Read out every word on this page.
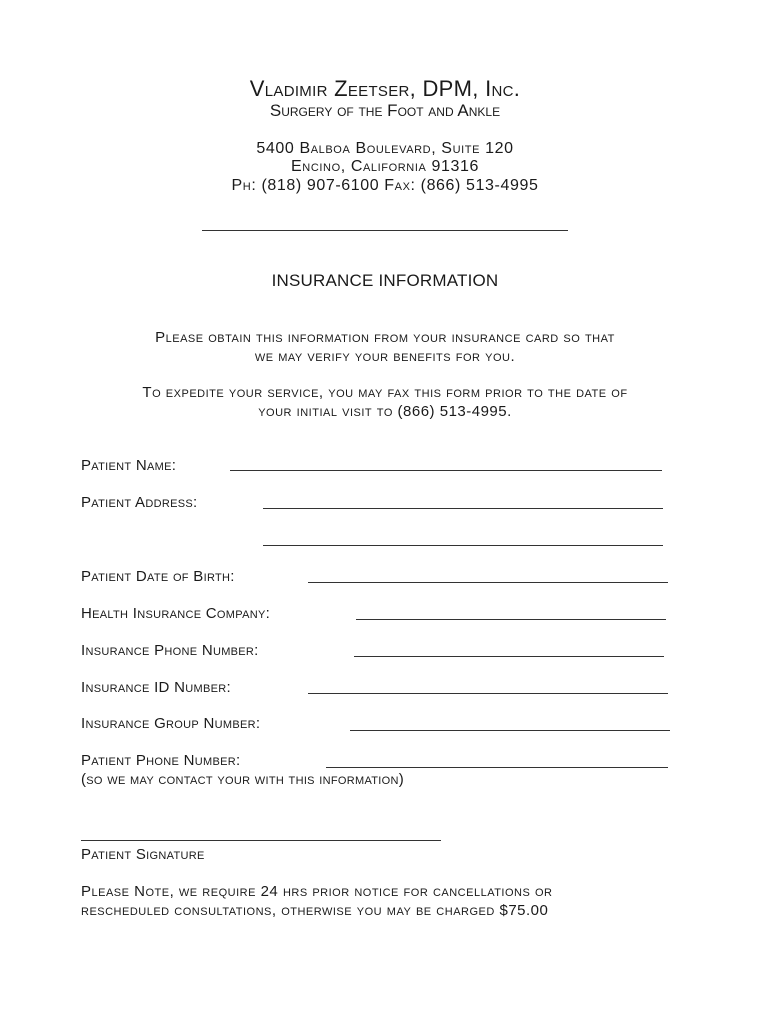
Vladimir Zeetser, DPM, Inc.
Surgery of the Foot and Ankle
5400 Balboa Boulevard, Suite 120
Encino, California 91316
Ph: (818) 907-6100 Fax: (866) 513-4995
INSURANCE INFORMATION
Please obtain this information from your insurance card so that
we may verify your benefits for you.
To expedite your service, you may fax this form prior to the date of
your initial visit to (866) 513-4995.
Patient Name:
Patient Address:
Patient Date of Birth:
Health Insurance Company:
Insurance Phone Number:
Insurance ID Number:
Insurance Group Number:
Patient Phone Number:
(so we may contact your with this information)
Patient Signature
Please Note, we require 24 hrs prior notice for cancellations or
rescheduled consultations, otherwise you may be charged $75.00
